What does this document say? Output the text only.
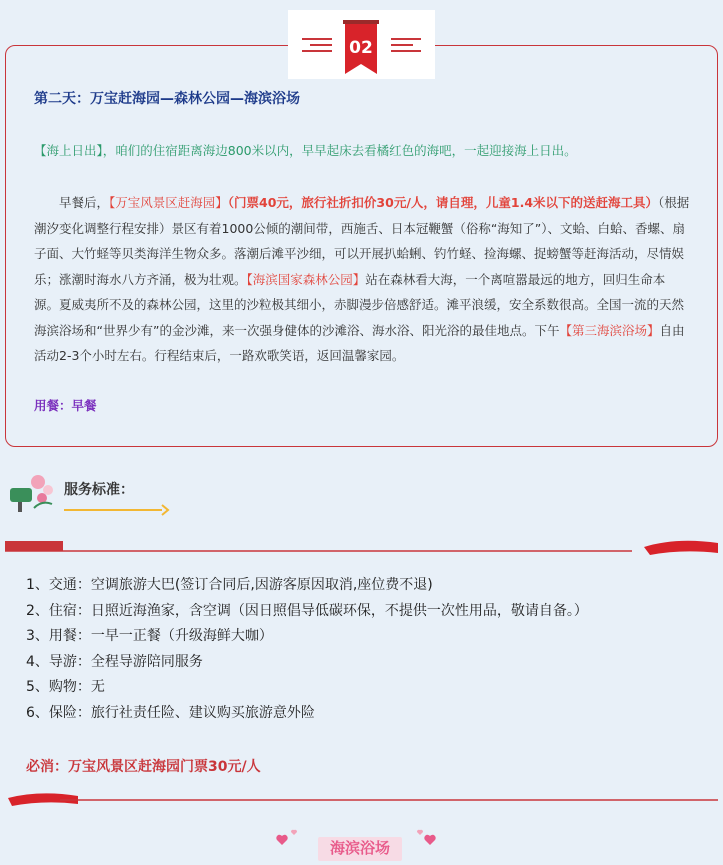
02
第二天：万宝赶海园—森林公园—海滨浴场
【海上日出】，咱们的住宿距离海边800米以内，早早起床去看橘红色的海吧，一起迎接海上日出。
早餐后，【万宝风景区赶海园】（门票40元，旅行社折扣价30元/人，请自理，儿童1.4米以下的送赶海工具）（根据潮汐变化调整行程安排）景区有着1000公倾的潮间带，西施舌、日本冠鞭蟹（俗称“海知了”）、文蛤、白蛤、香螺、扇子面、大竹蛏等贝类海洋生物众多。落潮后滩平沙细，可以开展扒蛤蜊、钓竹蛏、捡海螺、捉螃蟹等赶海活动，尽情娱乐；涨潮时海水八方齐涌，极为壮观。【海滨国家森林公园】站在森林看大海，一个离喧嚣最远的地方，回归生命本源。夏威夷所不及的森林公园，这里的沙粒极其细小，赤脚漫步倍感舒适。滩平浪缓，安全系数很高。全国一流的天然海滨浴场和“世界少有”的金沙滩，来一次强身健体的沙滩浴、海水浴、阳光浴的最佳地点。下午【第三海滨浴场】自由活动2-3个小时左右。行程结束后，一路欢歌笑语，返回温馨家园。
用餐：早餐
服务标准：
1、交通：空调旅游大巴(签订合同后,因游客原因取消,座位费不退)
2、住宿：日照近海渔家，含空调（因日照倡导低碳环保，不提供一次性用品，敬请自备。）
3、用餐：一早一正餐（升级海鲜大咖）
4、导游：全程导游陪同服务
5、购物：无
6、保险：旅行社责任险、建议购买旅游意外险
必消：万宝风景区赶海园门票30元/人
海滨浴场
